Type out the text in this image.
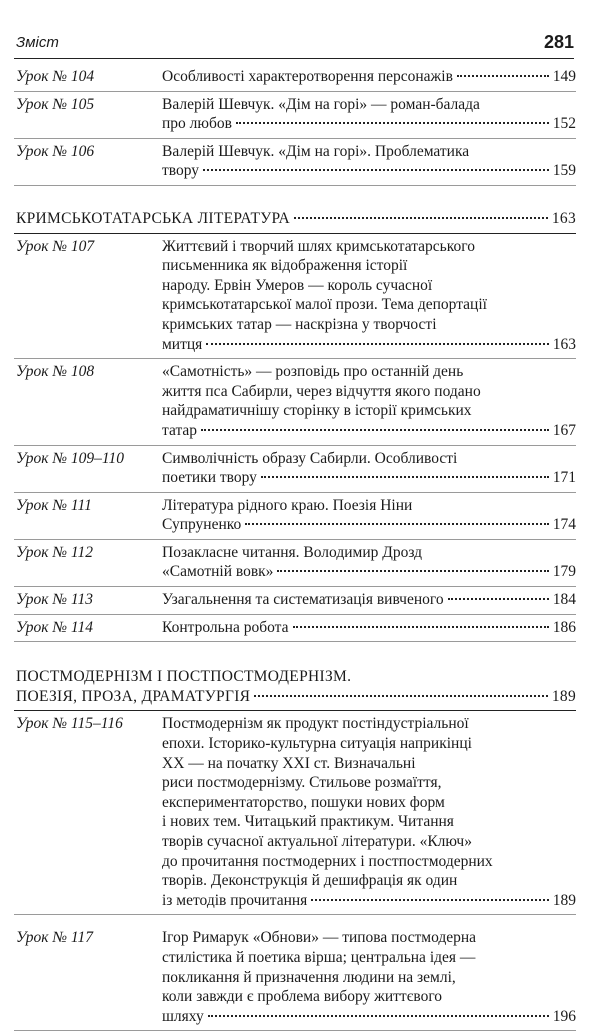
Зміст	281
Урок № 104	Особливості характеротворення персонажів	149
Урок № 105	Валерій Шевчук. «Дім на горі» — роман-балада
про любов	152
Урок № 106	Валерій Шевчук. «Дім на горі». Проблематика
твору	159
КРИМСЬКОТАТАРСЬКА ЛІТЕРАТУРА	163
Урок № 107	Життєвий і творчий шлях кримськотатарського
письменника як відображення історії
народу. Ервін Умеров — король сучасної
кримськотатарської малої прози. Тема депортації
кримських татар — наскрізна у творчості
митця	163
Урок № 108	«Самотність» — розповідь про останній день
життя пса Сабирли, через відчуття якого подано
найдраматичнішу сторінку в історії кримських
татар	167
Урок № 109–110	Символічність образу Сабирли. Особливості
поетики твору	171
Урок № 111	Література рідного краю. Поезія Ніни
Супруненко	174
Урок № 112	Позакласне читання. Володимир Дрозд
«Самотній вовк»	179
Урок № 113	Узагальнення та систематизація вивченого	184
Урок № 114	Контрольна робота	186
ПОСТМОДЕРНІЗМ І ПОСТПОСТМОДЕРНІЗМ.
ПОЕЗІЯ, ПРОЗА, ДРАМАТУРГІЯ	189
Урок № 115–116	Постмодернізм як продукт постіндустріальної
епохи. Історико-культурна ситуація наприкінці
XX — на початку XXI ст. Визначальні
риси постмодернізму. Стильове розмаїття,
експериментаторство, пошуки нових форм
і нових тем. Читацький практикум. Читання
творів сучасної актуальної літератури. «Ключ»
до прочитання постмодерних і постпостмодерних
творів. Деконструкція й дешифрація як один
із методів прочитання	189
Урок № 117	Ігор Римарук «Обнови» — типова постмодерна
стилістика й поетика вірша; центральна ідея —
покликання й призначення людини на землі,
коли завжди є проблема вибору життєвого
шляху	196
